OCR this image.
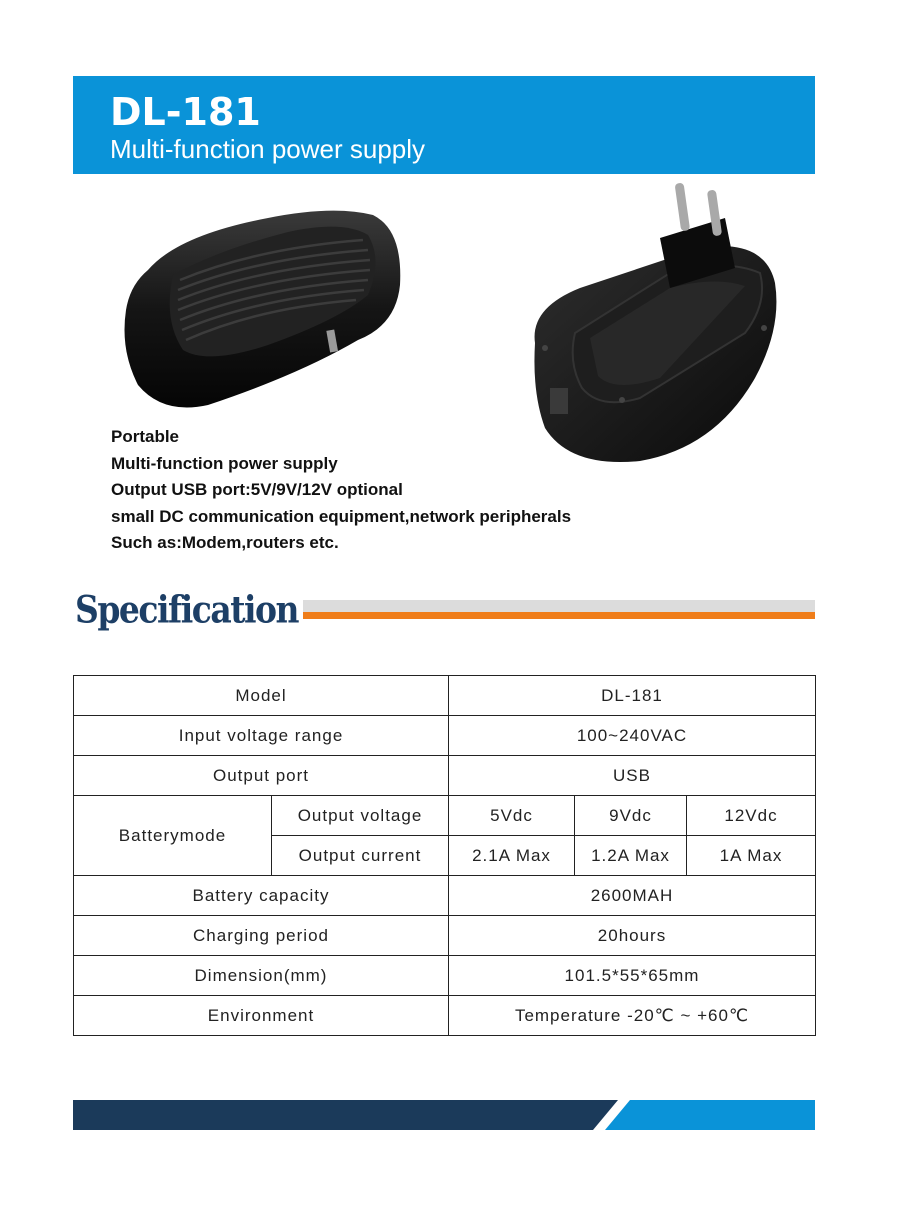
DL-181
Multi-function power supply
Portable
Multi-function power supply
Output USB port:5V/9V/12V optional
small DC communication equipment,network peripherals
Such as:Modem,routers etc.
Specification
Model		DL-181		
Input voltage range		100~240VAC		
Output port		USB		
Batterymode	Output voltage	5Vdc	9Vdc	12Vdc
	Output current	2.1A Max	1.2A Max	1A Max
Battery capacity		2600MAH		
Charging period		20hours		
Dimension(mm)		101.5*55*65mm		
Environment		Temperature -20℃ ~ +60℃		
